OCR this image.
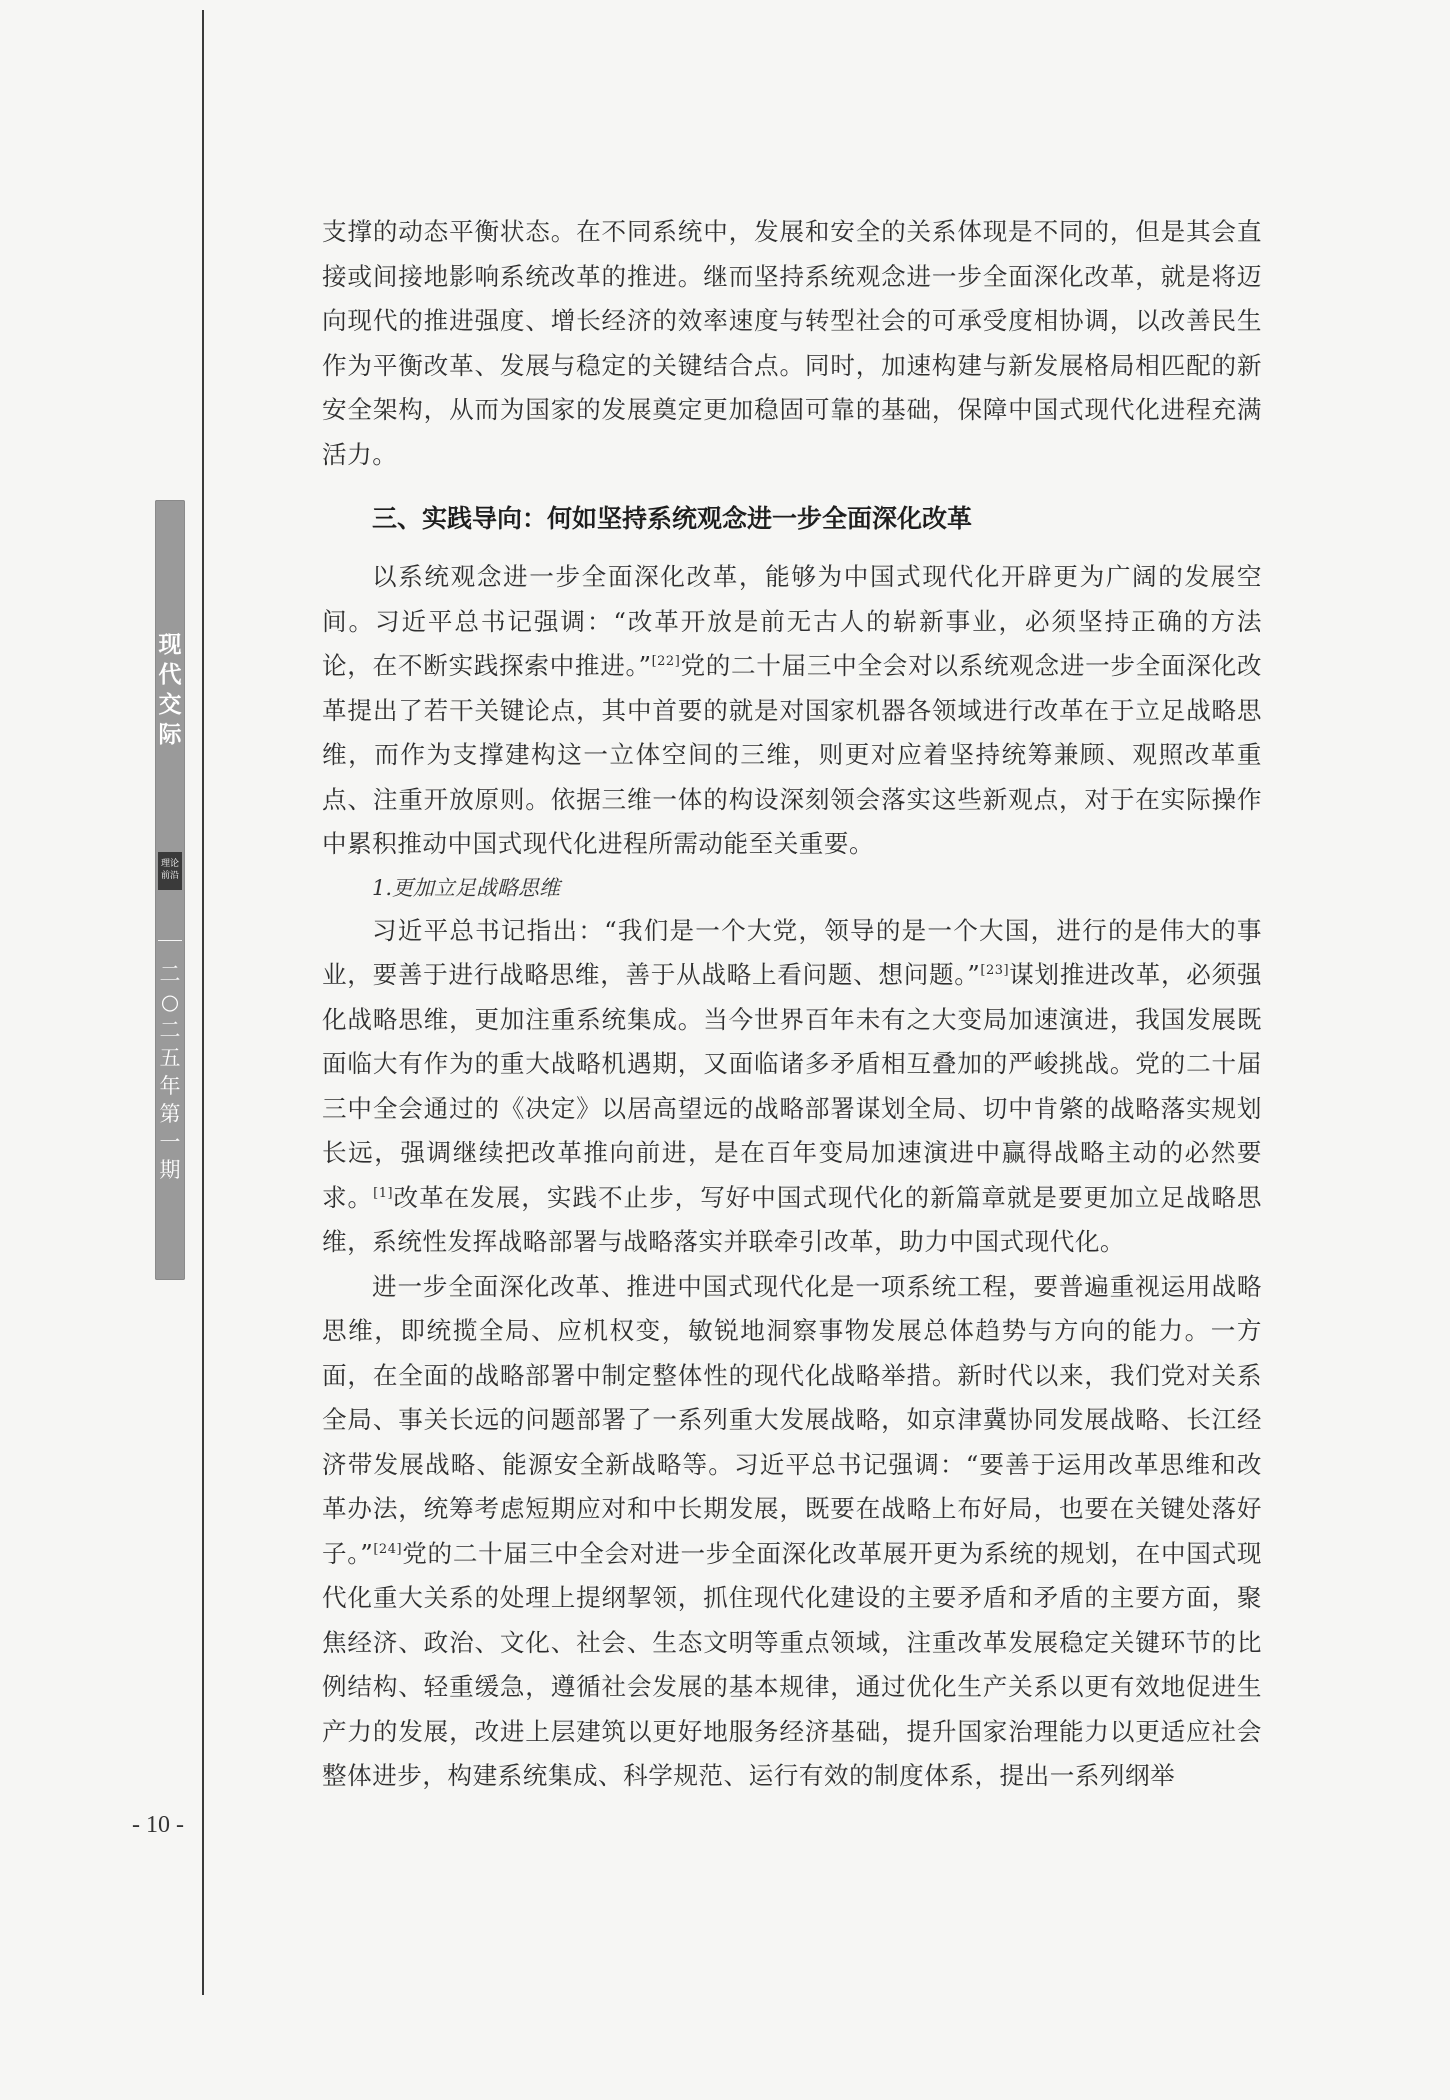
现
代
交
际
理论 前沿
二
○
二
五
年
第
一
期
- 10 -

支撑的动态平衡状态。在不同系统中，发展和安全的关系体现是不同的，但是其会直接或间接地影响系统改革的推进。继而坚持系统观念进一步全面深化改革，就是将迈向现代的推进强度、增长经济的效率速度与转型社会的可承受度相协调，以改善民生作为平衡改革、发展与稳定的关键结合点。同时，加速构建与新发展格局相匹配的新安全架构，从而为国家的发展奠定更加稳固可靠的基础，保障中国式现代化进程充满活力。

三、实践导向：何如坚持系统观念进一步全面深化改革

以系统观念进一步全面深化改革，能够为中国式现代化开辟更为广阔的发展空间。习近平总书记强调：“改革开放是前无古人的崭新事业，必须坚持正确的方法论，在不断实践探索中推进。”[22]党的二十届三中全会对以系统观念进一步全面深化改革提出了若干关键论点，其中首要的就是对国家机器各领域进行改革在于立足战略思维，而作为支撑建构这一立体空间的三维，则更对应着坚持统筹兼顾、观照改革重点、注重开放原则。依据三维一体的构设深刻领会落实这些新观点，对于在实际操作中累积推动中国式现代化进程所需动能至关重要。

1.更加立足战略思维

习近平总书记指出：“我们是一个大党，领导的是一个大国，进行的是伟大的事业，要善于进行战略思维，善于从战略上看问题、想问题。”[23]谋划推进改革，必须强化战略思维，更加注重系统集成。当今世界百年未有之大变局加速演进，我国发展既面临大有作为的重大战略机遇期，又面临诸多矛盾相互叠加的严峻挑战。党的二十届三中全会通过的《决定》以居高望远的战略部署谋划全局、切中肯綮的战略落实规划长远，强调继续把改革推向前进，是在百年变局加速演进中赢得战略主动的必然要求。[1]改革在发展，实践不止步，写好中国式现代化的新篇章就是要更加立足战略思维，系统性发挥战略部署与战略落实并联牵引改革，助力中国式现代化。

进一步全面深化改革、推进中国式现代化是一项系统工程，要普遍重视运用战略思维，即统揽全局、应机权变，敏锐地洞察事物发展总体趋势与方向的能力。一方面，在全面的战略部署中制定整体性的现代化战略举措。新时代以来，我们党对关系全局、事关长远的问题部署了一系列重大发展战略，如京津冀协同发展战略、长江经济带发展战略、能源安全新战略等。习近平总书记强调：“要善于运用改革思维和改革办法，统筹考虑短期应对和中长期发展，既要在战略上布好局，也要在关键处落好子。”[24]党的二十届三中全会对进一步全面深化改革展开更为系统的规划，在中国式现代化重大关系的处理上提纲挈领，抓住现代化建设的主要矛盾和矛盾的主要方面，聚焦经济、政治、文化、社会、生态文明等重点领域，注重改革发展稳定关键环节的比例结构、轻重缓急，遵循社会发展的基本规律，通过优化生产关系以更有效地促进生产力的发展，改进上层建筑以更好地服务经济基础，提升国家治理能力以更适应社会整体进步，构建系统集成、科学规范、运行有效的制度体系，提出一系列纲举
